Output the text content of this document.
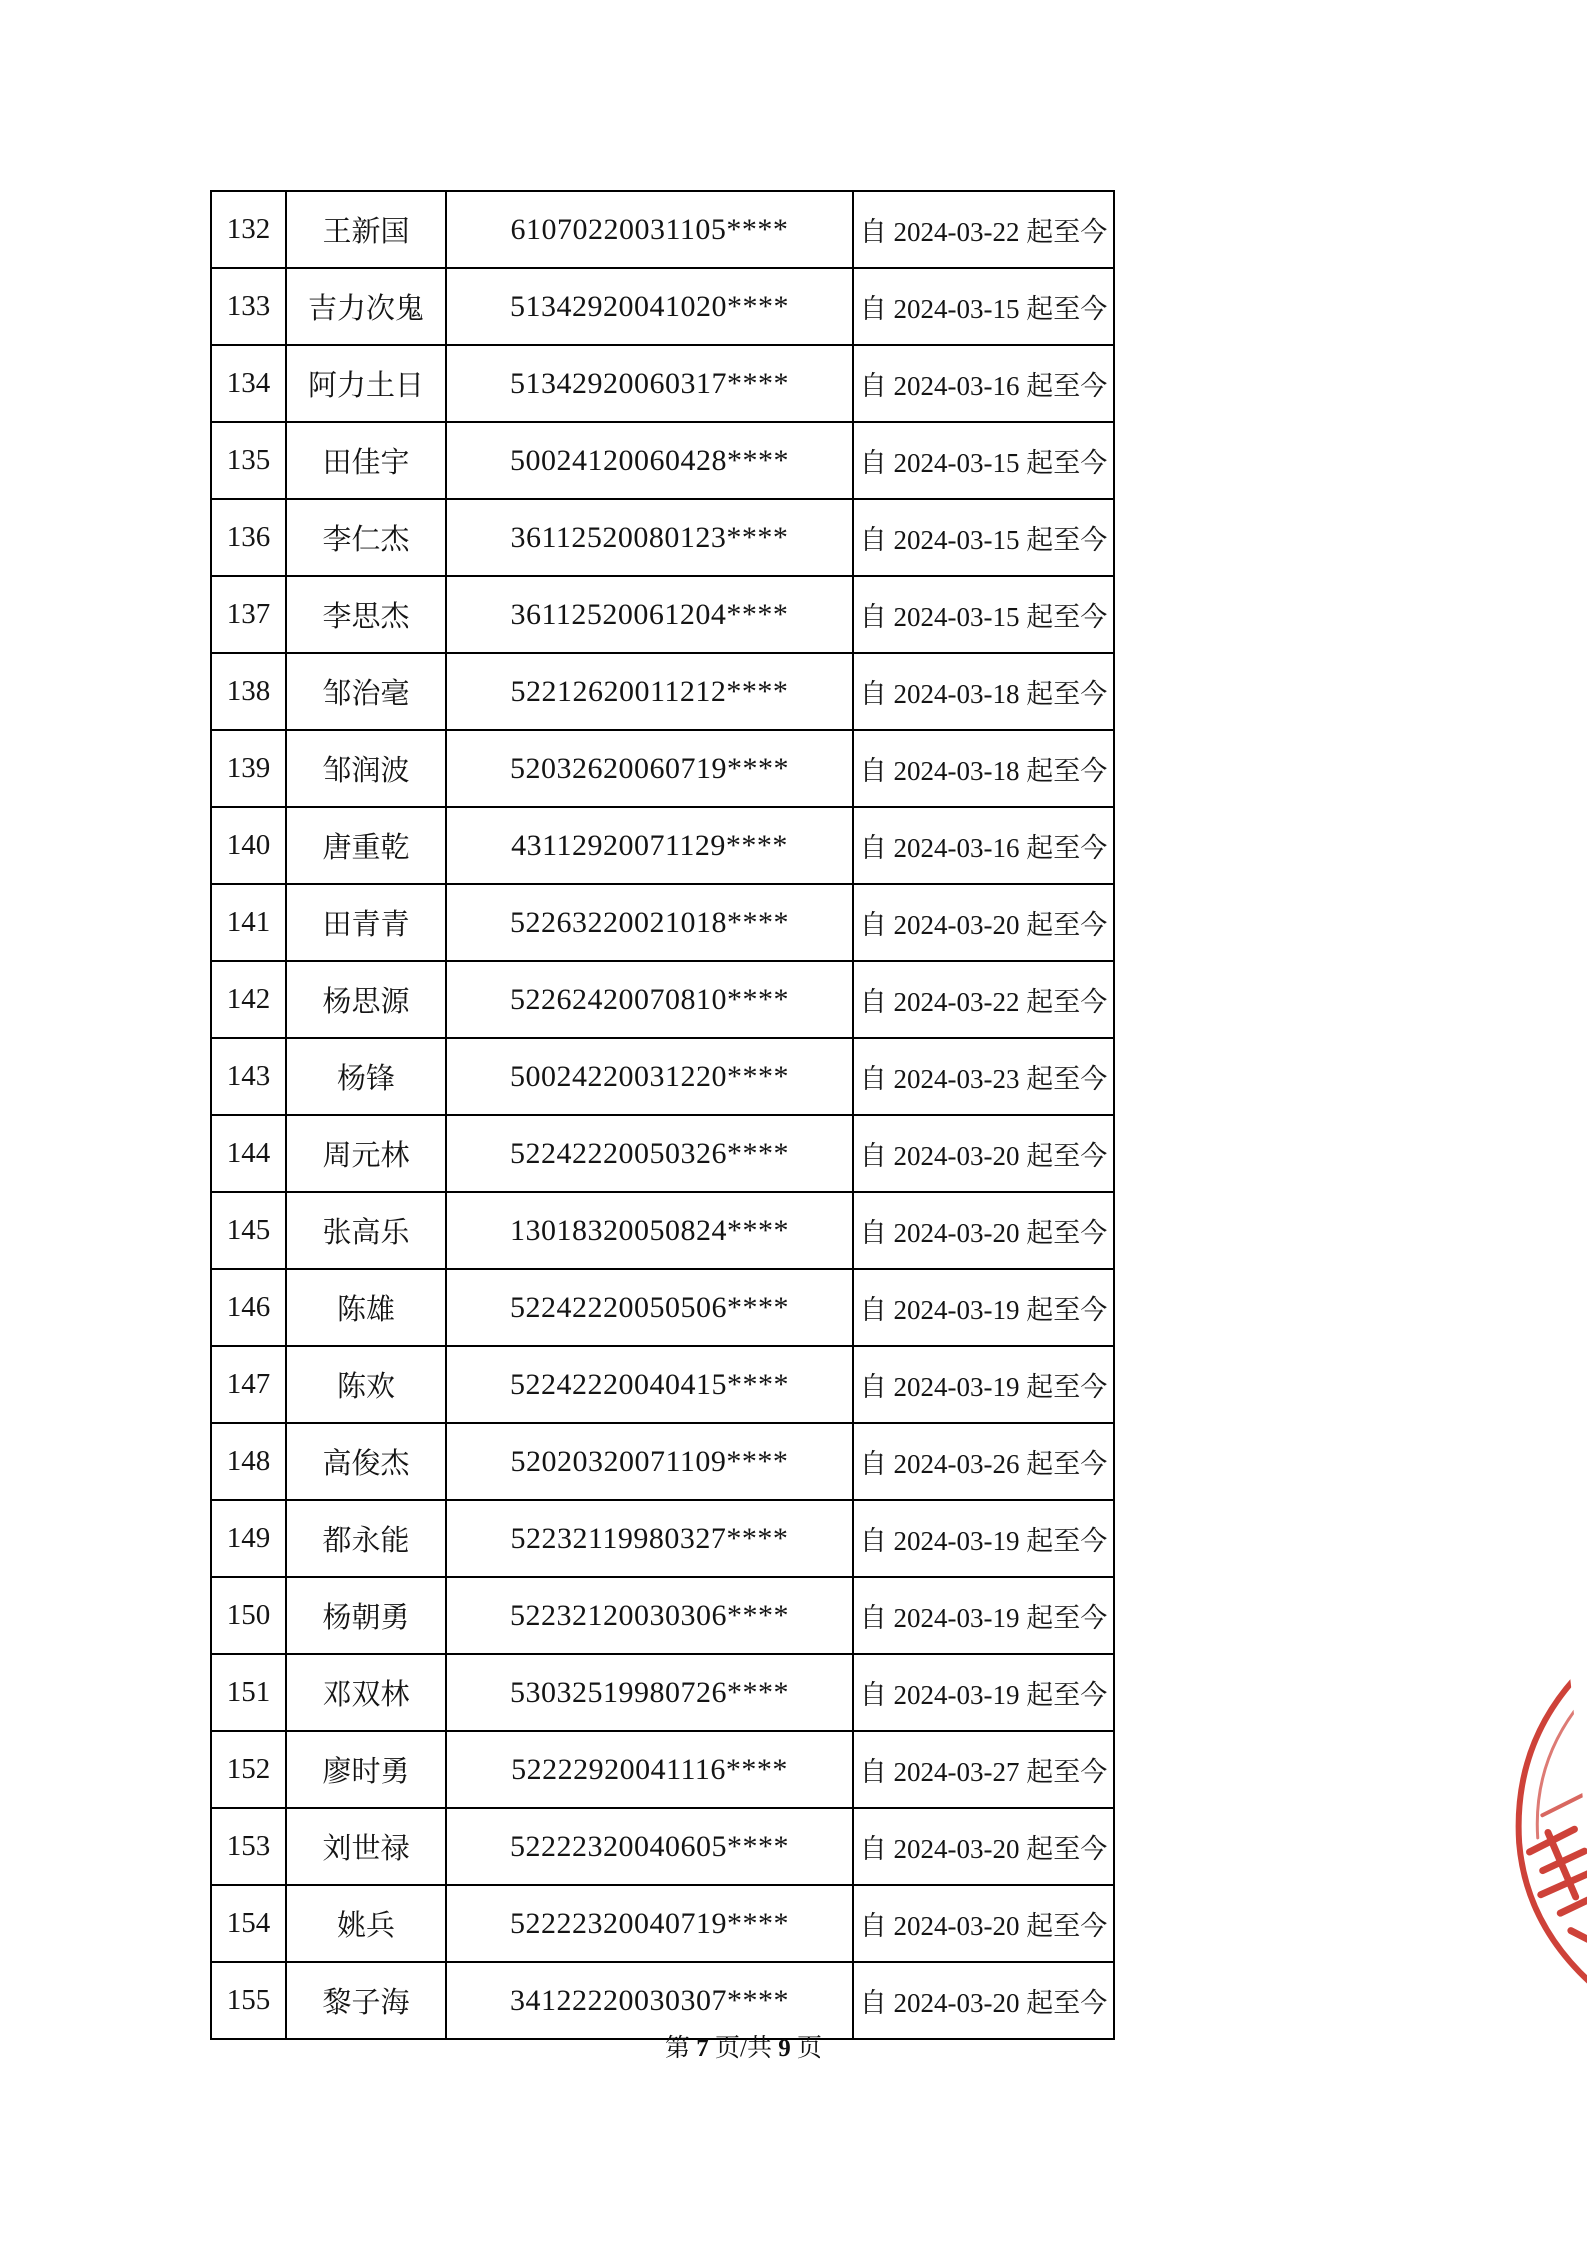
132	王新国	61070220031105****	自 2024-03-22 起至今
133	吉力次鬼	51342920041020****	自 2024-03-15 起至今
134	阿力土日	51342920060317****	自 2024-03-16 起至今
135	田佳宇	50024120060428****	自 2024-03-15 起至今
136	李仁杰	36112520080123****	自 2024-03-15 起至今
137	李思杰	36112520061204****	自 2024-03-15 起至今
138	邹治毫	52212620011212****	自 2024-03-18 起至今
139	邹润波	52032620060719****	自 2024-03-18 起至今
140	唐重乾	43112920071129****	自 2024-03-16 起至今
141	田青青	52263220021018****	自 2024-03-20 起至今
142	杨思源	52262420070810****	自 2024-03-22 起至今
143	杨锋	50024220031220****	自 2024-03-23 起至今
144	周元林	52242220050326****	自 2024-03-20 起至今
145	张高乐	13018320050824****	自 2024-03-20 起至今
146	陈雄	52242220050506****	自 2024-03-19 起至今
147	陈欢	52242220040415****	自 2024-03-19 起至今
148	高俊杰	52020320071109****	自 2024-03-26 起至今
149	都永能	52232119980327****	自 2024-03-19 起至今
150	杨朝勇	52232120030306****	自 2024-03-19 起至今
151	邓双林	53032519980726****	自 2024-03-19 起至今
152	廖时勇	52222920041116****	自 2024-03-27 起至今
153	刘世禄	52222320040605****	自 2024-03-20 起至今
154	姚兵	52222320040719****	自 2024-03-20 起至今
155	黎子海	34122220030307****	自 2024-03-20 起至今
第 7 页/共 9 页
